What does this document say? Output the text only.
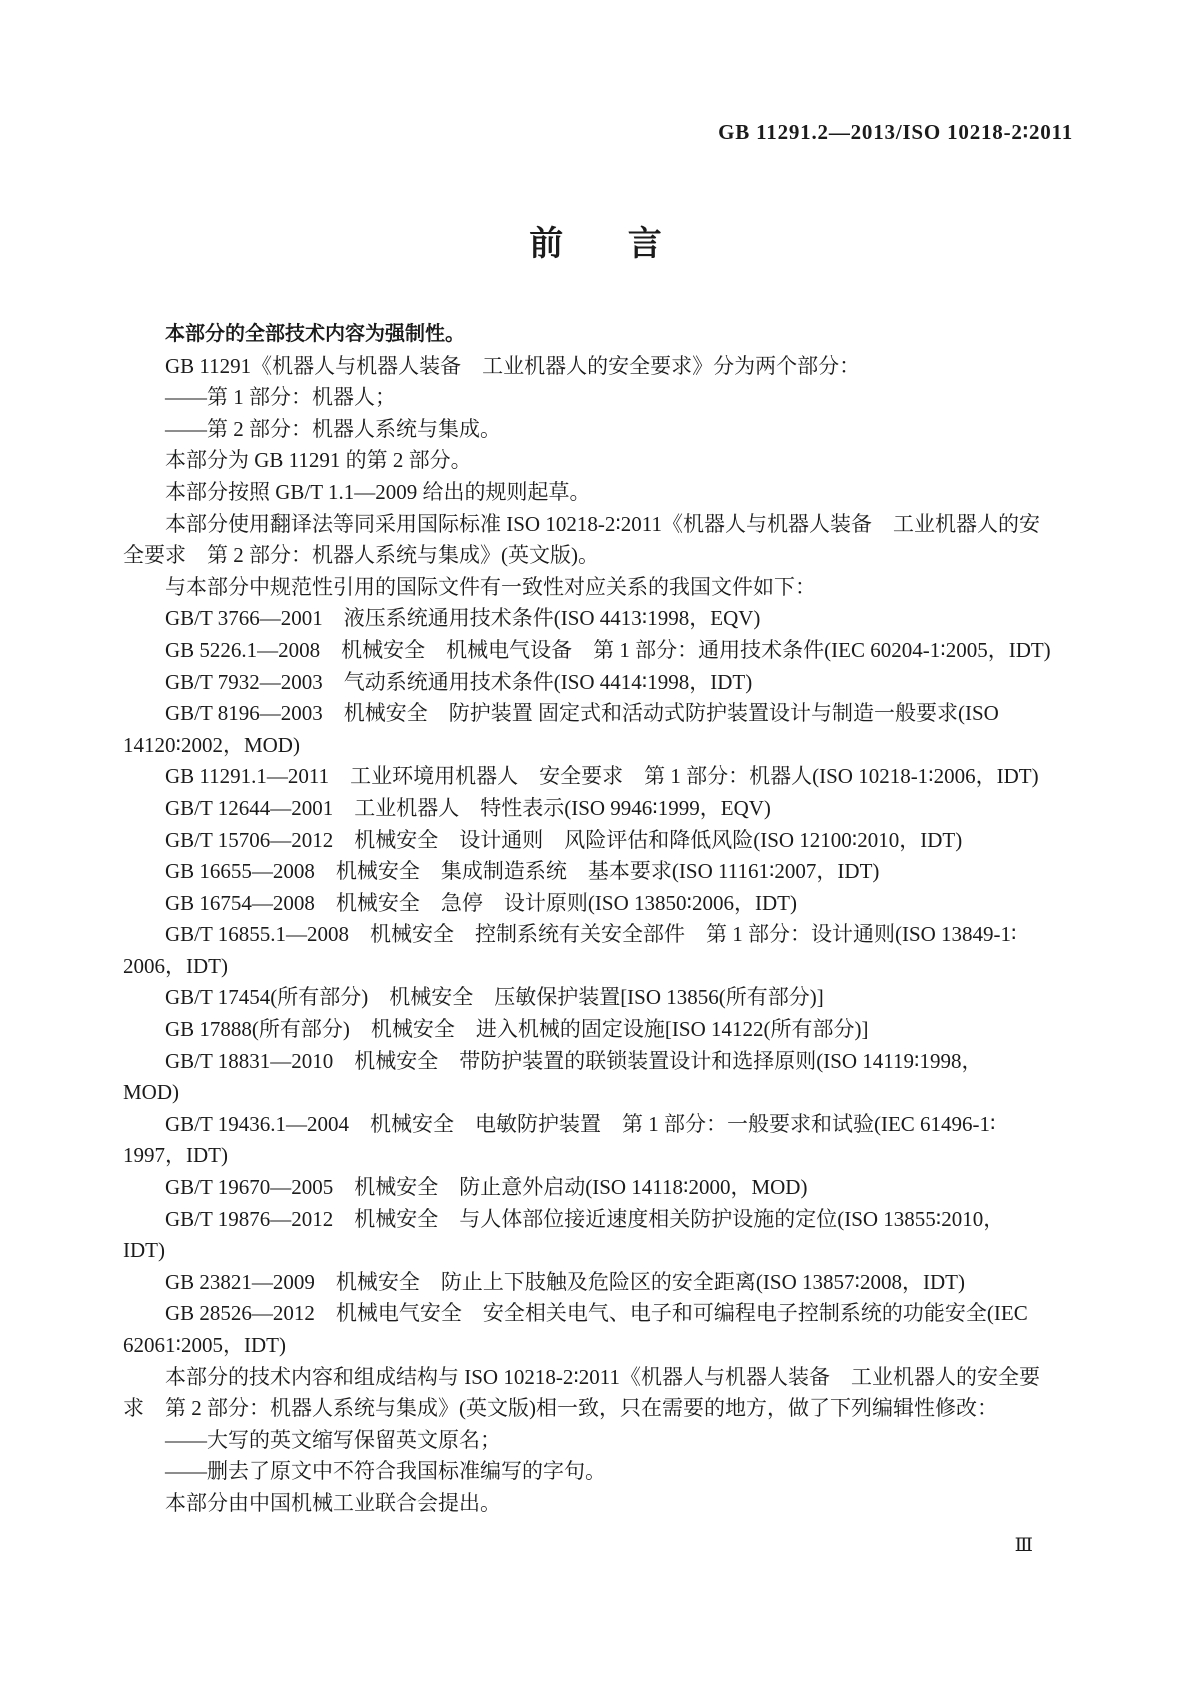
GB 11291.2—2013/ISO 10218-2∶2011
前言
本部分的全部技术内容为强制性。
GB 11291《机器人与机器人装备　工业机器人的安全要求》分为两个部分：
——第 1 部分：机器人；
——第 2 部分：机器人系统与集成。
本部分为 GB 11291 的第 2 部分。
本部分按照 GB/T 1.1—2009 给出的规则起草。
本部分使用翻译法等同采用国际标准 ISO 10218-2∶2011《机器人与机器人装备　工业机器人的安
全要求　第 2 部分：机器人系统与集成》(英文版)。
与本部分中规范性引用的国际文件有一致性对应关系的我国文件如下：
GB/T 3766—2001　液压系统通用技术条件(ISO 4413∶1998，EQV)
GB 5226.1—2008　机械安全　机械电气设备　第 1 部分：通用技术条件(IEC 60204-1∶2005，IDT)
GB/T 7932—2003　气动系统通用技术条件(ISO 4414∶1998，IDT)
GB/T 8196—2003　机械安全　防护装置 固定式和活动式防护装置设计与制造一般要求(ISO
14120∶2002，MOD)
GB 11291.1—2011　工业环境用机器人　安全要求　第 1 部分：机器人(ISO 10218-1∶2006，IDT)
GB/T 12644—2001　工业机器人　特性表示(ISO 9946∶1999，EQV)
GB/T 15706—2012　机械安全　设计通则　风险评估和降低风险(ISO 12100∶2010，IDT)
GB 16655—2008　机械安全　集成制造系统　基本要求(ISO 11161∶2007，IDT)
GB 16754—2008　机械安全　急停　设计原则(ISO 13850∶2006，IDT)
GB/T 16855.1—2008　机械安全　控制系统有关安全部件　第 1 部分：设计通则(ISO 13849-1∶
2006，IDT)
GB/T 17454(所有部分)　机械安全　压敏保护装置[ISO 13856(所有部分)]
GB 17888(所有部分)　机械安全　进入机械的固定设施[ISO 14122(所有部分)]
GB/T 18831—2010　机械安全　带防护装置的联锁装置设计和选择原则(ISO 14119∶1998，
MOD)
GB/T 19436.1—2004　机械安全　电敏防护装置　第 1 部分：一般要求和试验(IEC 61496-1∶
1997，IDT)
GB/T 19670—2005　机械安全　防止意外启动(ISO 14118∶2000，MOD)
GB/T 19876—2012　机械安全　与人体部位接近速度相关防护设施的定位(ISO 13855∶2010，
IDT)
GB 23821—2009　机械安全　防止上下肢触及危险区的安全距离(ISO 13857∶2008，IDT)
GB 28526—2012　机械电气安全　安全相关电气、电子和可编程电子控制系统的功能安全(IEC
62061∶2005，IDT)
本部分的技术内容和组成结构与 ISO 10218-2∶2011《机器人与机器人装备　工业机器人的安全要
求　第 2 部分：机器人系统与集成》(英文版)相一致，只在需要的地方，做了下列编辑性修改：
——大写的英文缩写保留英文原名；
——删去了原文中不符合我国标准编写的字句。
本部分由中国机械工业联合会提出。
Ⅲ
